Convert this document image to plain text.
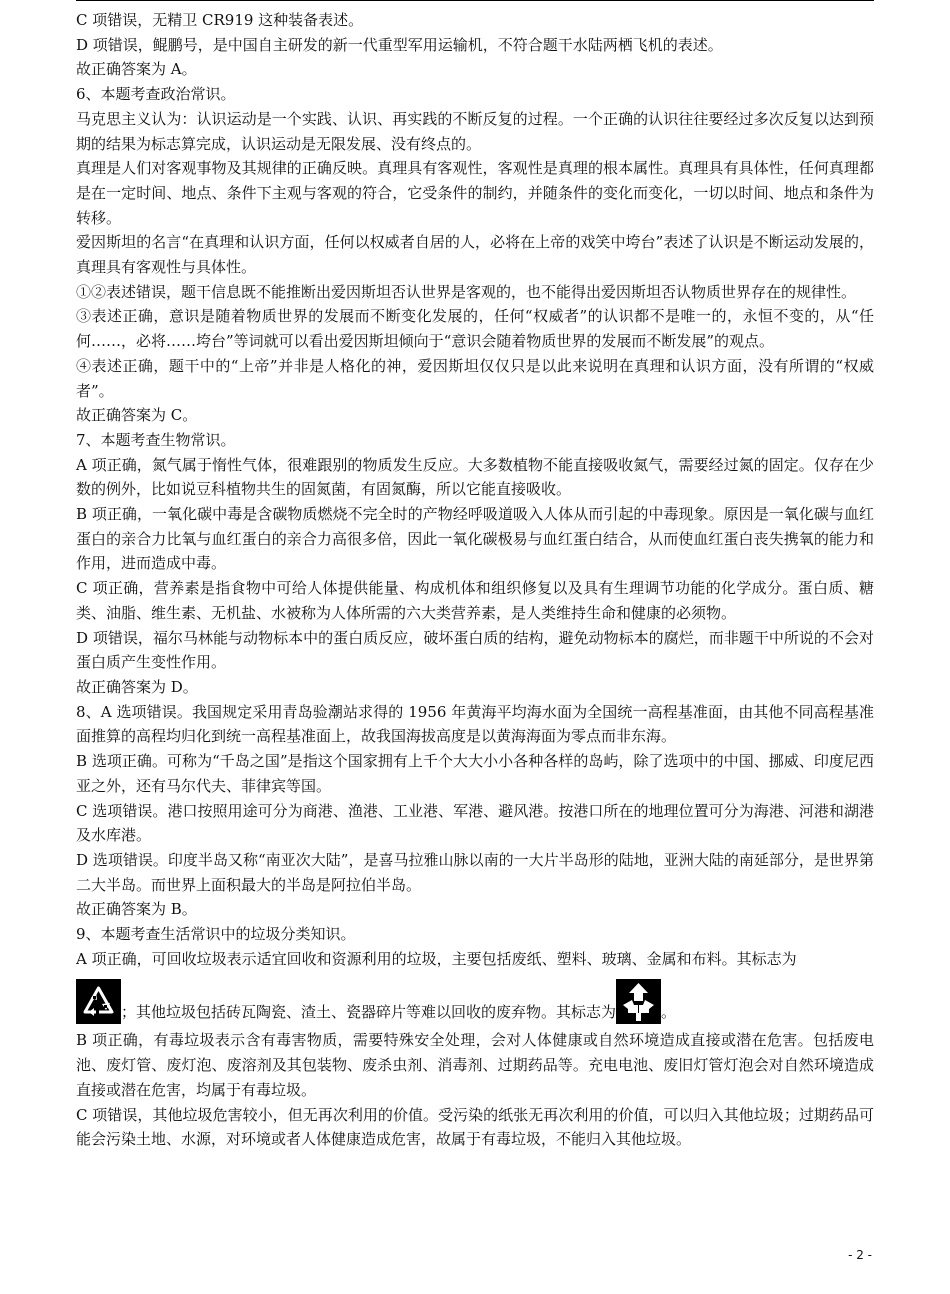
C 项错误，无精卫 CR919 这种装备表述。

D 项错误，鲲鹏号，是中国自主研发的新一代重型军用运输机，不符合题干水陆两栖飞机的表述。

故正确答案为 A。

6、本题考查政治常识。

马克思主义认为：认识运动是一个实践、认识、再实践的不断反复的过程。一个正确的认识往往要经过多次反复以达到预期的结果为标志算完成，认识运动是无限发展、没有终点的。

真理是人们对客观事物及其规律的正确反映。真理具有客观性，客观性是真理的根本属性。真理具有具体性，任何真理都是在一定时间、地点、条件下主观与客观的符合，它受条件的制约，并随条件的变化而变化，一切以时间、地点和条件为转移。

爱因斯坦的名言“在真理和认识方面，任何以权威者自居的人，必将在上帝的戏笑中垮台”表述了认识是不断运动发展的，真理具有客观性与具体性。

①②表述错误，题干信息既不能推断出爱因斯坦否认世界是客观的，也不能得出爱因斯坦否认物质世界存在的规律性。

③表述正确，意识是随着物质世界的发展而不断变化发展的，任何“权威者”的认识都不是唯一的，永恒不变的，从“任何……，必将……垮台”等词就可以看出爱因斯坦倾向于“意识会随着物质世界的发展而不断发展”的观点。

④表述正确，题干中的“上帝”并非是人格化的神，爱因斯坦仅仅只是以此来说明在真理和认识方面，没有所谓的“权威者”。

故正确答案为 C。

7、本题考查生物常识。

A 项正确，氮气属于惰性气体，很难跟别的物质发生反应。大多数植物不能直接吸收氮气，需要经过氮的固定。仅存在少数的例外，比如说豆科植物共生的固氮菌，有固氮酶，所以它能直接吸收。

B 项正确，一氧化碳中毒是含碳物质燃烧不完全时的产物经呼吸道吸入人体从而引起的中毒现象。原因是一氧化碳与血红蛋白的亲合力比氧与血红蛋白的亲合力高很多倍，因此一氧化碳极易与血红蛋白结合，从而使血红蛋白丧失携氧的能力和作用，进而造成中毒。

C 项正确，营养素是指食物中可给人体提供能量、构成机体和组织修复以及具有生理调节功能的化学成分。蛋白质、糖类、油脂、维生素、无机盐、水被称为人体所需的六大类营养素，是人类维持生命和健康的必须物。

D 项错误，福尔马林能与动物标本中的蛋白质反应，破坏蛋白质的结构，避免动物标本的腐烂，而非题干中所说的不会对蛋白质产生变性作用。

故正确答案为 D。

8、A 选项错误。我国规定采用青岛验潮站求得的 1956 年黄海平均海水面为全国统一高程基准面，由其他不同高程基准面推算的高程均归化到统一高程基准面上，故我国海拔高度是以黄海海面为零点而非东海。

B 选项正确。可称为“千岛之国”是指这个国家拥有上千个大大小小各种各样的岛屿，除了选项中的中国、挪威、印度尼西亚之外，还有马尔代夫、菲律宾等国。

C 选项错误。港口按照用途可分为商港、渔港、工业港、军港、避风港。按港口所在的地理位置可分为海港、河港和湖港及水库港。

D 选项错误。印度半岛又称“南亚次大陆”，是喜马拉雅山脉以南的一大片半岛形的陆地，亚洲大陆的南延部分，是世界第二大半岛。而世界上面积最大的半岛是阿拉伯半岛。

故正确答案为 B。

9、本题考查生活常识中的垃圾分类知识。

A 项正确，可回收垃圾表示适宜回收和资源利用的垃圾，主要包括废纸、塑料、玻璃、金属和布料。其标志为

；其他垃圾包括砖瓦陶瓷、渣土、瓷器碎片等难以回收的废弃物。其标志为	。

B 项正确，有毒垃圾表示含有毒害物质，需要特殊安全处理，会对人体健康或自然环境造成直接或潜在危害。包括废电池、废灯管、废灯泡、废溶剂及其包装物、废杀虫剂、消毒剂、过期药品等。充电电池、废旧灯管灯泡会对自然环境造成直接或潜在危害，均属于有毒垃圾。

C 项错误，其他垃圾危害较小，但无再次利用的价值。受污染的纸张无再次利用的价值，可以归入其他垃圾；过期药品可能会污染土地、水源，对环境或者人体健康造成危害，故属于有毒垃圾，不能归入其他垃圾。

- 2 -
